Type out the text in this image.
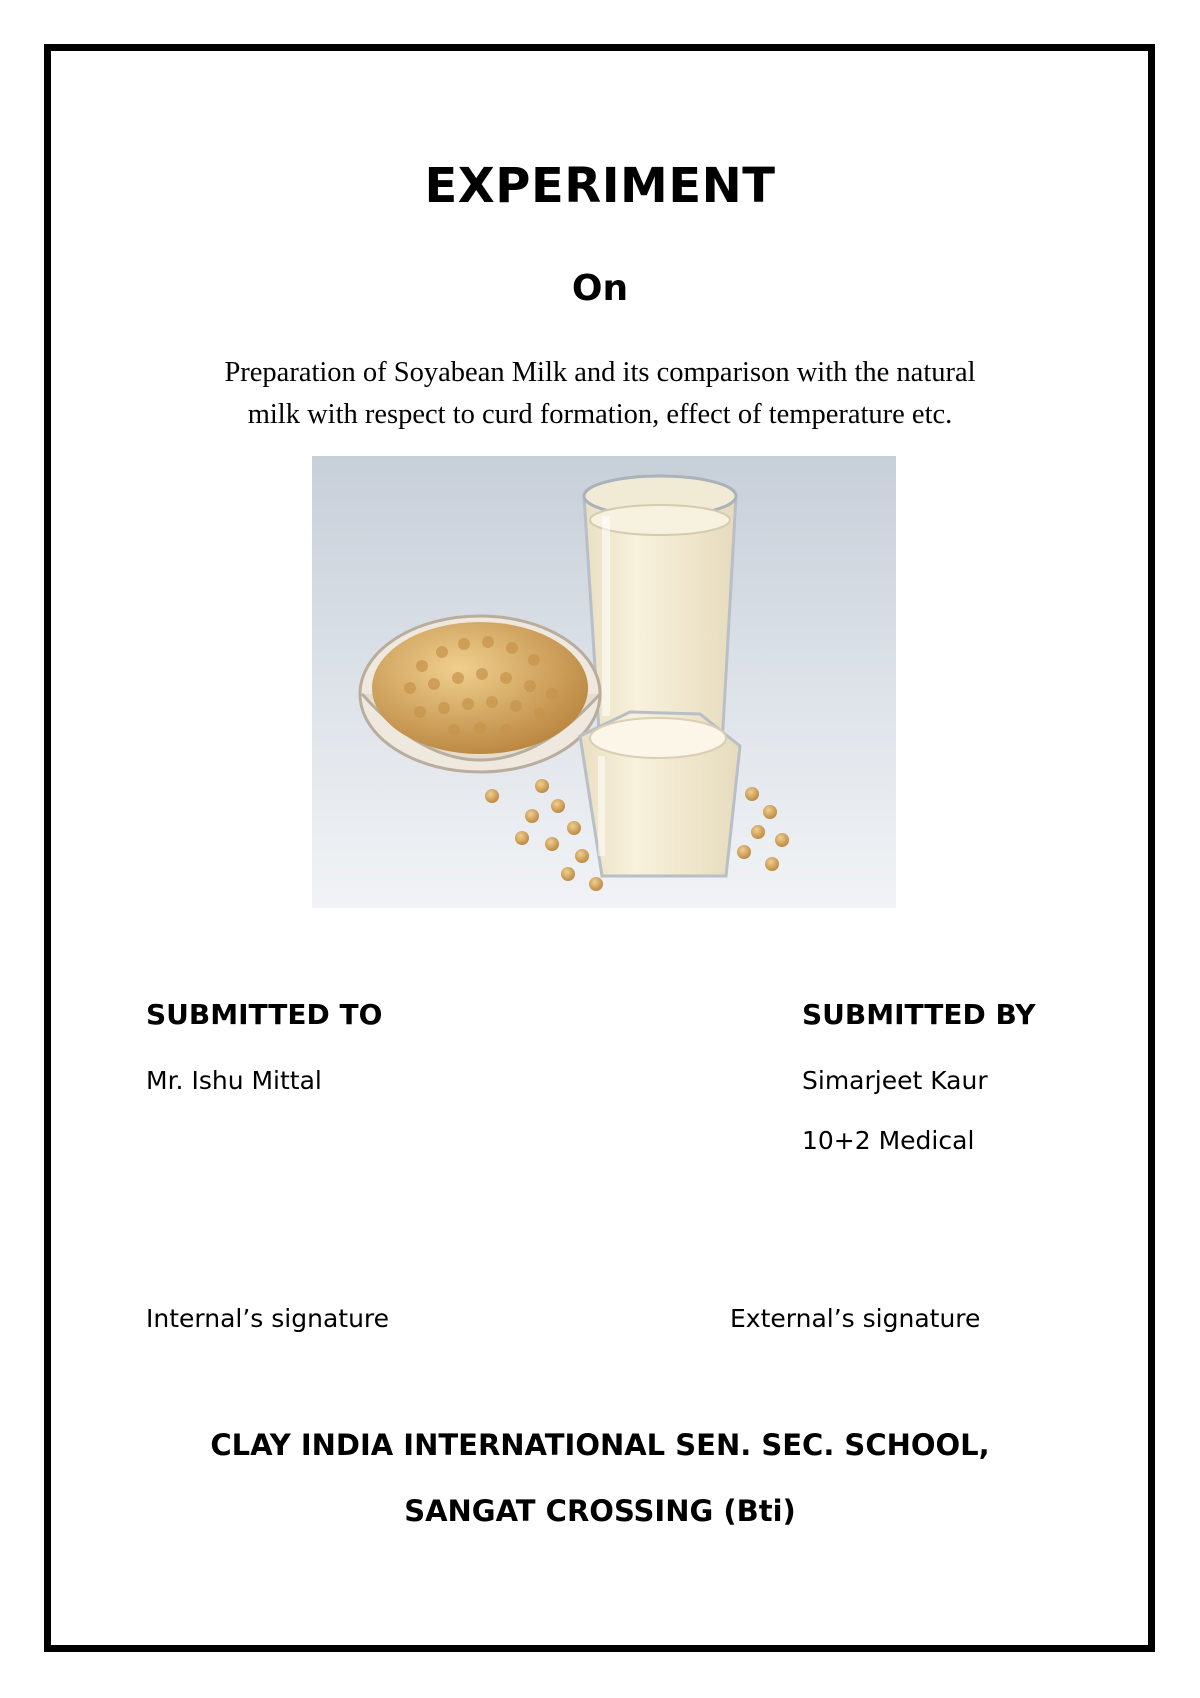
EXPERIMENT
On
Preparation of Soyabean Milk and its comparison with the natural
milk with respect to curd formation, effect of temperature etc.
SUBMITTED TO	SUBMITTED BY
Mr. Ishu Mittal	Simarjeet Kaur
10+2 Medical
Internal’s signature	External’s signature
CLAY INDIA INTERNATIONAL SEN. SEC. SCHOOL,
SANGAT CROSSING (Bti)
